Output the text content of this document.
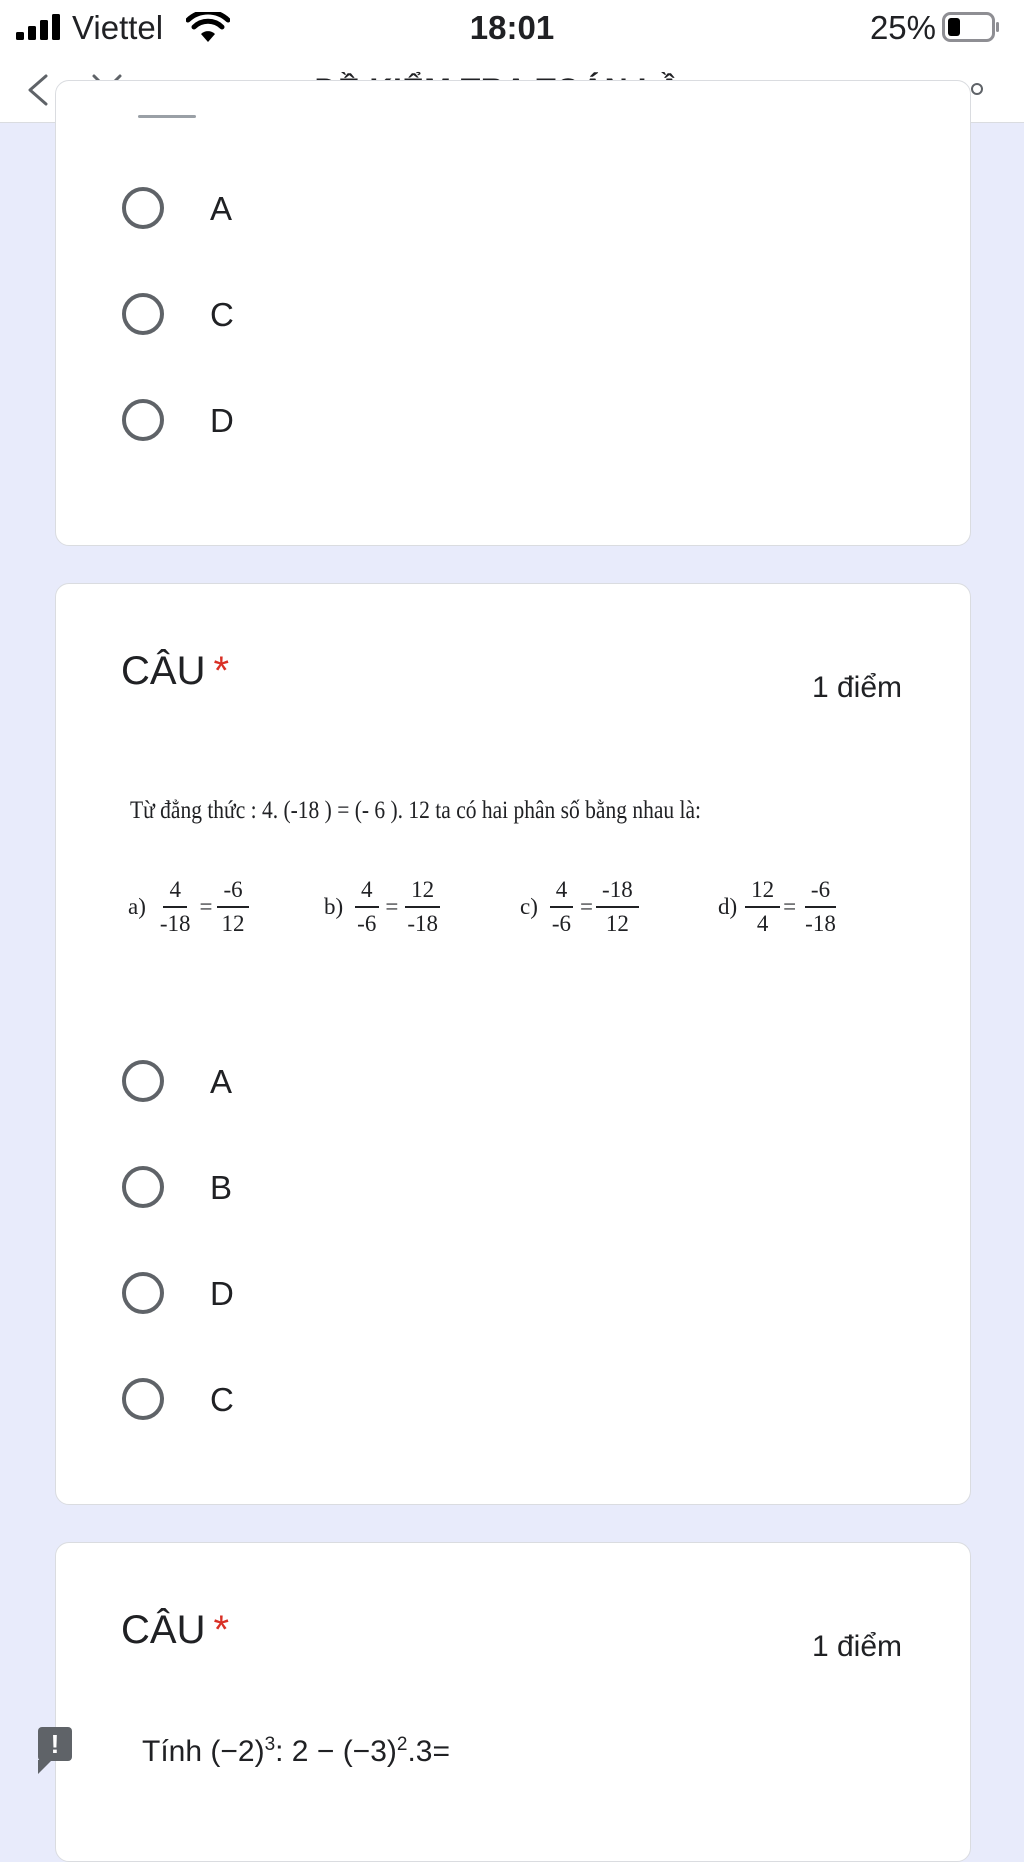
Viettel	18:01	25%
A
C
D
CÂU *	1 điểm
Từ đẳng thức : 4. (-18 ) = (- 6 ). 12 ta có hai phân số bằng nhau là:
$a) \frac{4}{-18} = \frac{-6}{12}$	$b) \frac{4}{-6} = \frac{12}{-18}$	$c) \frac{4}{-6} = \frac{-18}{12}$	$d) \frac{12}{4} = \frac{-6}{-18}$
A
B
D
C
CÂU *	1 điểm
Tính $(-2)^3$: $2 - (-3)^2.3=$
!
